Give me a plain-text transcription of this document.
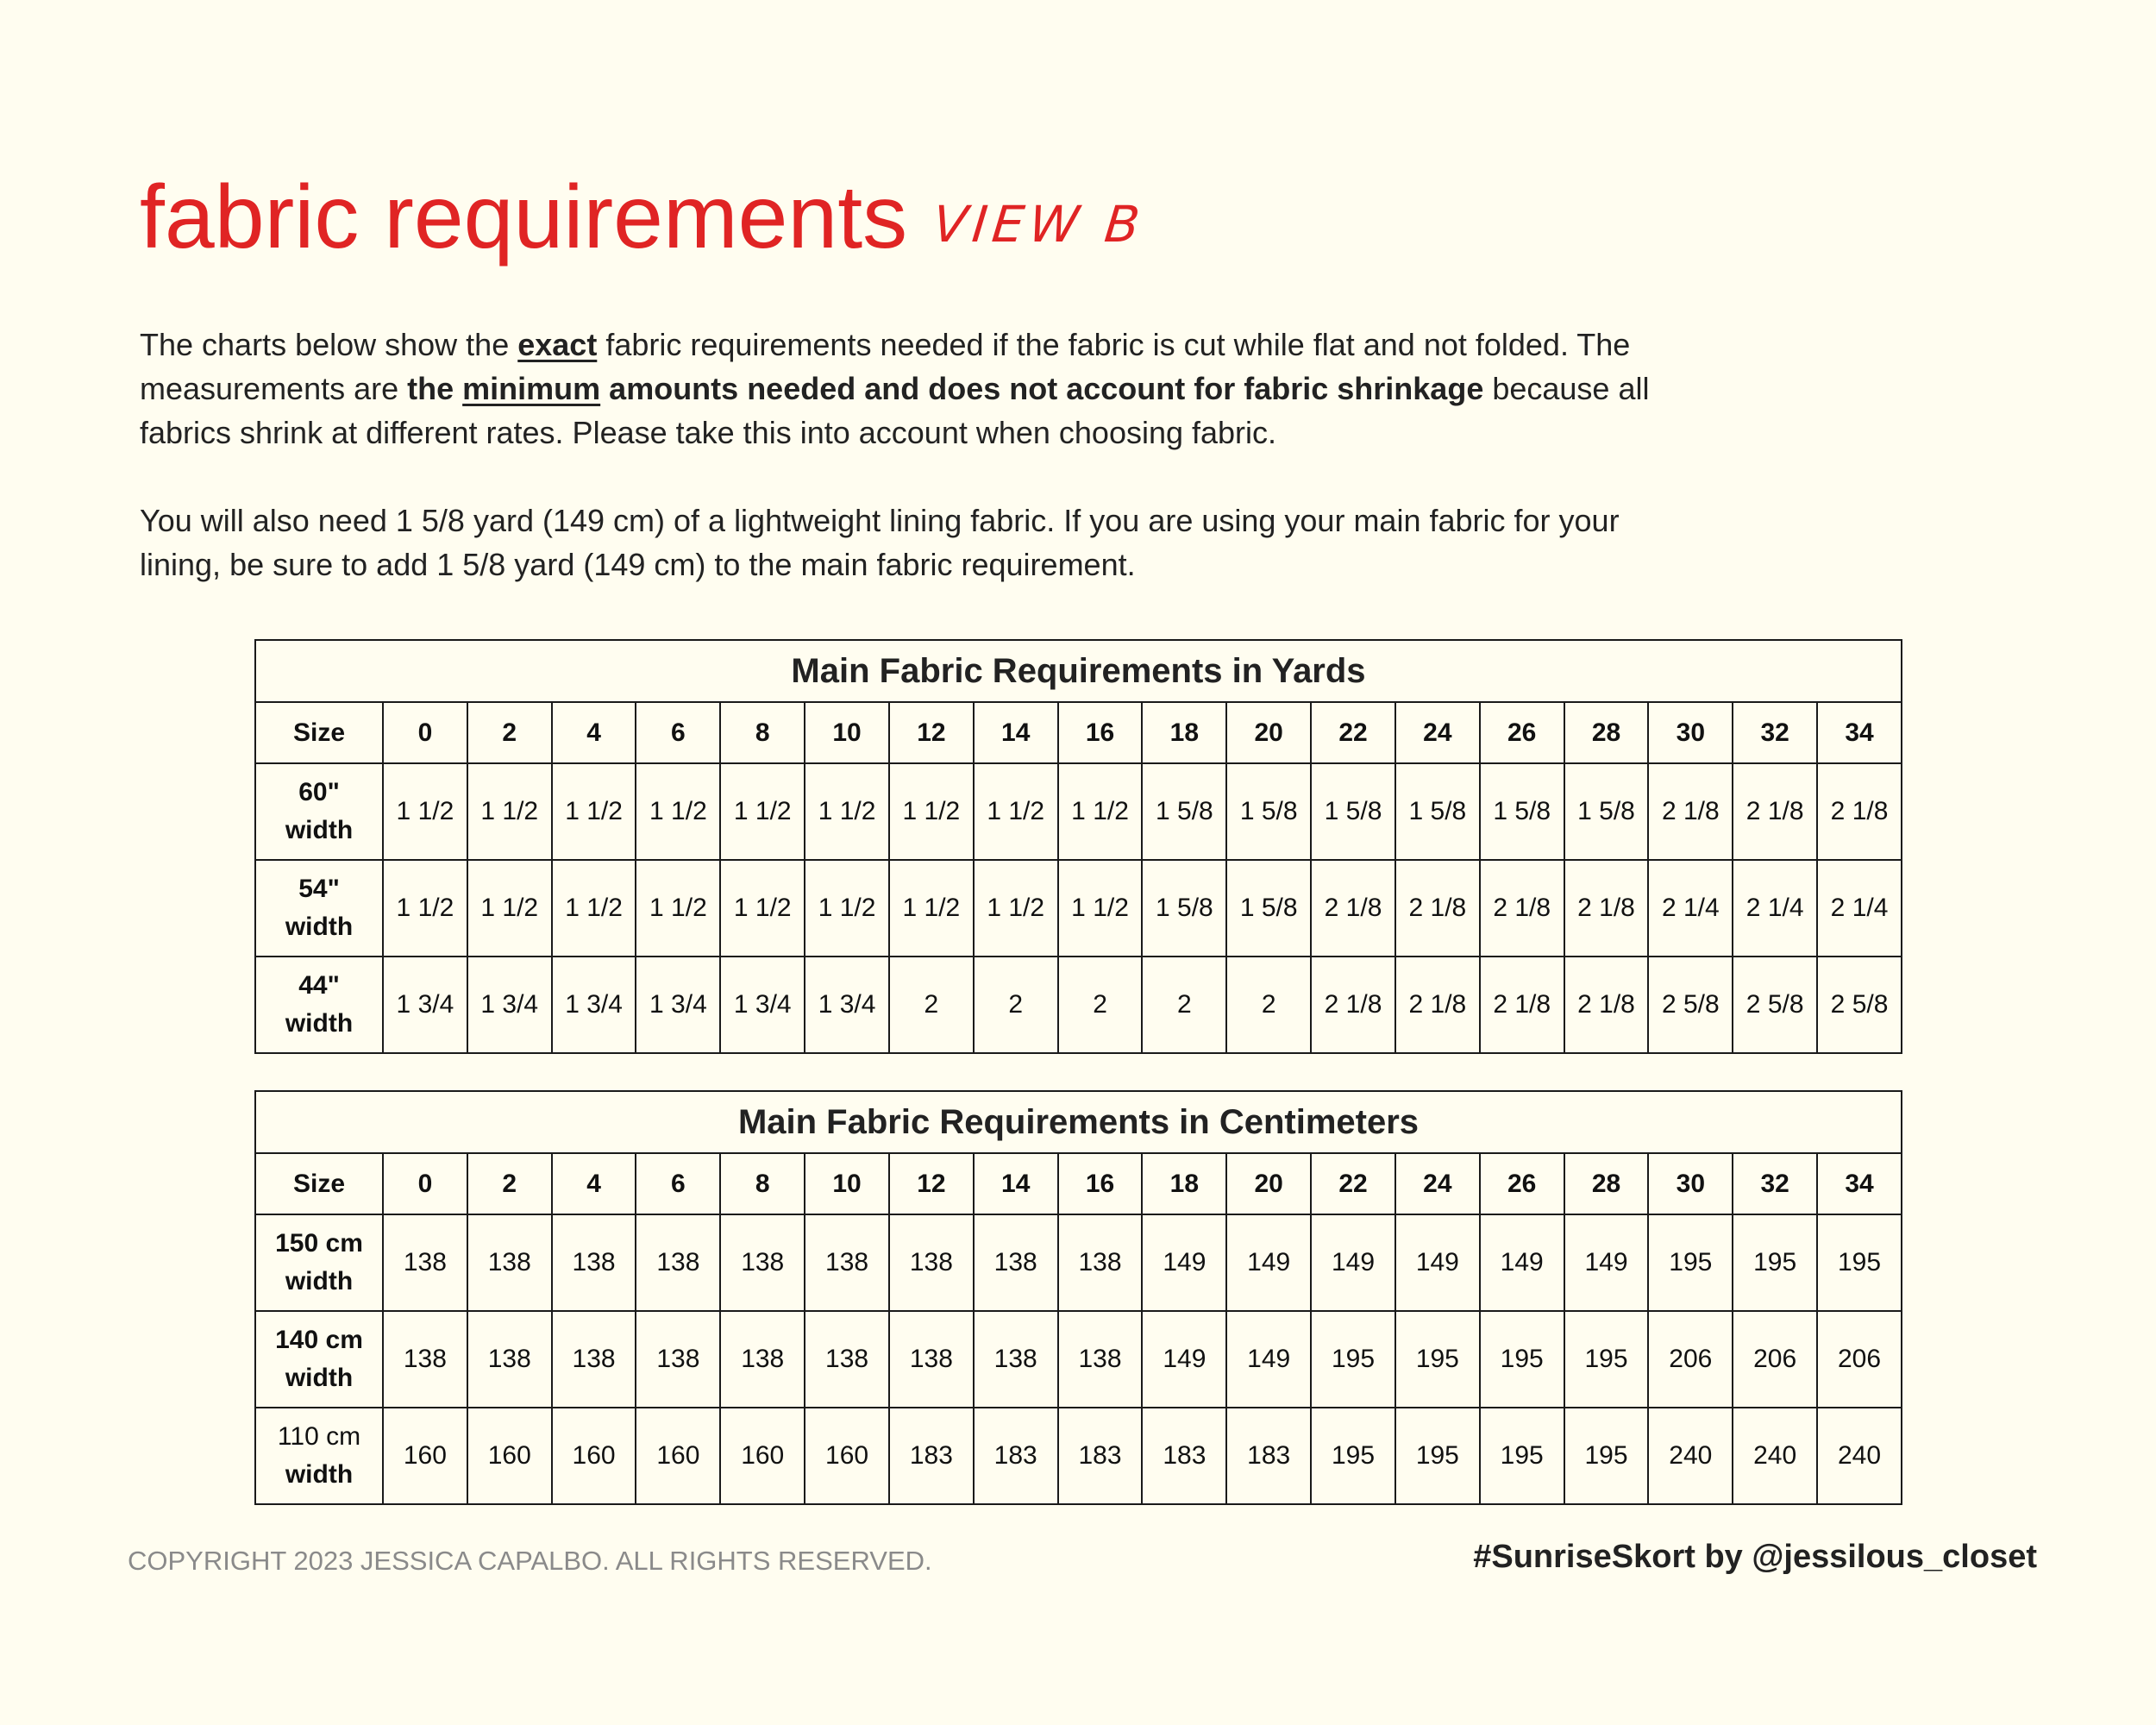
fabric requirements VIEW B
The charts below show the exact fabric requirements needed if the fabric is cut while flat and not folded. The measurements are the minimum amounts needed and does not account for fabric shrinkage because all fabrics shrink at different rates. Please take this into account when choosing fabric.
You will also need 1 5/8 yard (149 cm) of a lightweight lining fabric. If you are using your main fabric for your lining, be sure to add 1 5/8 yard (149 cm) to the main fabric requirement.
Main Fabric Requirements in Yards																		
Size	0	2	4	6	8	10	12	14	16	18	20	22	24	26	28	30	32	34
60"
width	1 1/2	1 1/2	1 1/2	1 1/2	1 1/2	1 1/2	1 1/2	1 1/2	1 1/2	1 5/8	1 5/8	1 5/8	1 5/8	1 5/8	1 5/8	2 1/8	2 1/8	2 1/8
54"
width	1 1/2	1 1/2	1 1/2	1 1/2	1 1/2	1 1/2	1 1/2	1 1/2	1 1/2	1 5/8	1 5/8	2 1/8	2 1/8	2 1/8	2 1/8	2 1/4	2 1/4	2 1/4
44"
width	1 3/4	1 3/4	1 3/4	1 3/4	1 3/4	1 3/4	2	2	2	2	2	2 1/8	2 1/8	2 1/8	2 1/8	2 5/8	2 5/8	2 5/8
Main Fabric Requirements in Centimeters																		
Size	0	2	4	6	8	10	12	14	16	18	20	22	24	26	28	30	32	34
150 cm
width	138	138	138	138	138	138	138	138	138	149	149	149	149	149	149	195	195	195
140 cm
width	138	138	138	138	138	138	138	138	138	149	149	195	195	195	195	206	206	206
110 cm
width	160	160	160	160	160	160	183	183	183	183	183	195	195	195	195	240	240	240
COPYRIGHT 2023 JESSICA CAPALBO. ALL RIGHTS RESERVED.	#SunriseSkort by @jessilous_closet
